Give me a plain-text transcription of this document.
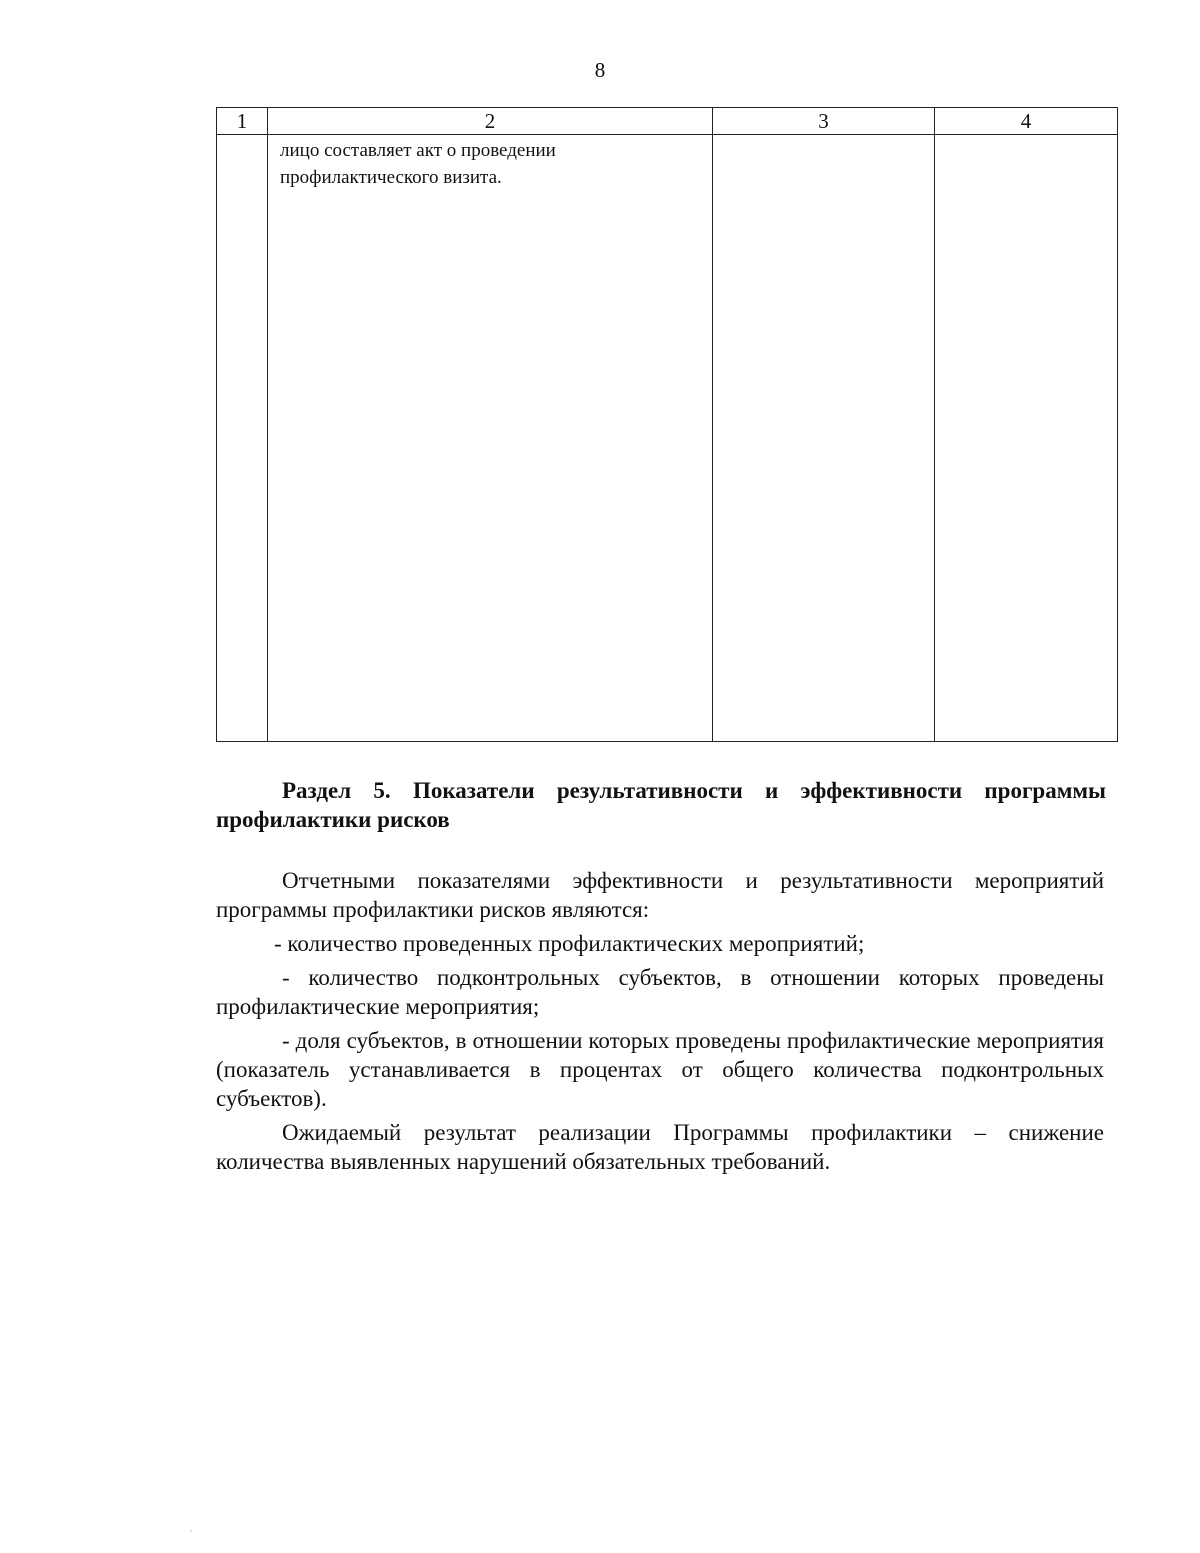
8
1	2	3	4

	лицо составляет акт о проведении профилактического визита.		

Раздел 5. Показатели результативности и эффективности программы профилактики рисков

Отчетными показателями эффективности и результативности мероприятий программы профилактики рисков являются:

- количество проведенных профилактических мероприятий;

- количество подконтрольных субъектов, в отношении которых проведены профилактические мероприятия;

- доля субъектов, в отношении которых проведены профилактические мероприятия (показатель устанавливается в процентах от общего количества подконтрольных субъектов).

Ожидаемый результат реализации Программы профилактики – снижение количества выявленных нарушений обязательных требований.
